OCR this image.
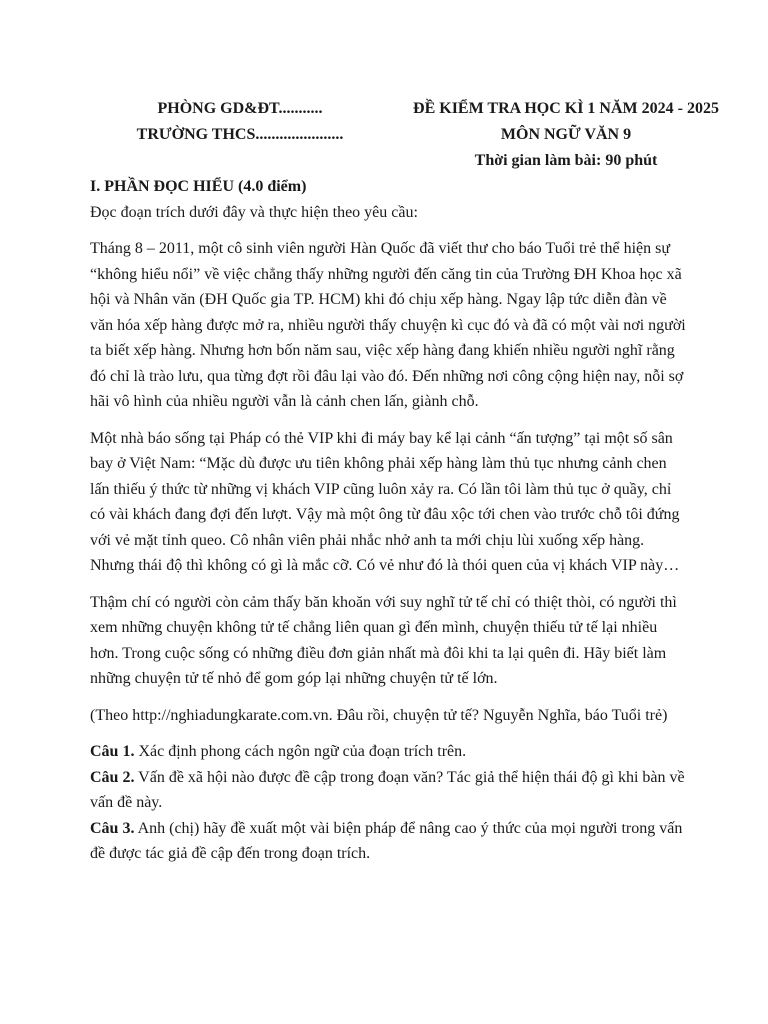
PHÒNG GD&ĐT...........
TRƯỜNG THCS......................
ĐỀ KIỂM TRA HỌC KÌ 1 NĂM 2024 - 2025
MÔN NGỮ VĂN 9
Thời gian làm bài: 90 phút

I. PHẦN ĐỌC HIỂU (4.0 điểm)

Đọc đoạn trích dưới đây và thực hiện theo yêu cầu:

Tháng 8 – 2011, một cô sinh viên người Hàn Quốc đã viết thư cho báo Tuổi trẻ thể hiện sự “không hiểu nổi” về việc chẳng thấy những người đến căng tin của Trường ĐH Khoa học xã hội và Nhân văn (ĐH Quốc gia TP. HCM) khi đó chịu xếp hàng. Ngay lập tức diễn đàn về văn hóa xếp hàng được mở ra, nhiều người thấy chuyện kì cục đó và đã có một vài nơi người ta biết xếp hàng. Nhưng hơn bốn năm sau, việc xếp hàng đang khiến nhiều người nghĩ rằng đó chỉ là trào lưu, qua từng đợt rồi đâu lại vào đó. Đến những nơi công cộng hiện nay, nỗi sợ hãi vô hình của nhiều người vẫn là cảnh chen lấn, giành chỗ.

Một nhà báo sống tại Pháp có thẻ VIP khi đi máy bay kể lại cảnh “ấn tượng” tại một số sân bay ở Việt Nam: “Mặc dù được ưu tiên không phải xếp hàng làm thủ tục nhưng cảnh chen lấn thiếu ý thức từ những vị khách VIP cũng luôn xảy ra. Có lần tôi làm thủ tục ở quầy, chỉ có vài khách đang đợi đến lượt. Vậy mà một ông từ đâu xộc tới chen vào trước chỗ tôi đứng với vẻ mặt tỉnh queo. Cô nhân viên phải nhắc nhở anh ta mới chịu lùi xuống xếp hàng. Nhưng thái độ thì không có gì là mắc cỡ. Có vẻ như đó là thói quen của vị khách VIP này…

Thậm chí có người còn cảm thấy băn khoăn với suy nghĩ tử tế chỉ có thiệt thòi, có người thì xem những chuyện không tử tế chẳng liên quan gì đến mình, chuyện thiếu tử tế lại nhiều hơn. Trong cuộc sống có những điều đơn giản nhất mà đôi khi ta lại quên đi. Hãy biết làm những chuyện tử tế nhỏ để gom góp lại những chuyện tử tế lớn.

(Theo http://nghiadungkarate.com.vn. Đâu rồi, chuyện tử tế? Nguyễn Nghĩa, báo Tuổi trẻ)

Câu 1. Xác định phong cách ngôn ngữ của đoạn trích trên.

Câu 2. Vấn đề xã hội nào được đề cập trong đoạn văn? Tác giả thể hiện thái độ gì khi bàn về vấn đề này.

Câu 3. Anh (chị) hãy đề xuất một vài biện pháp để nâng cao ý thức của mọi người trong vấn đề được tác giả đề cập đến trong đoạn trích.
